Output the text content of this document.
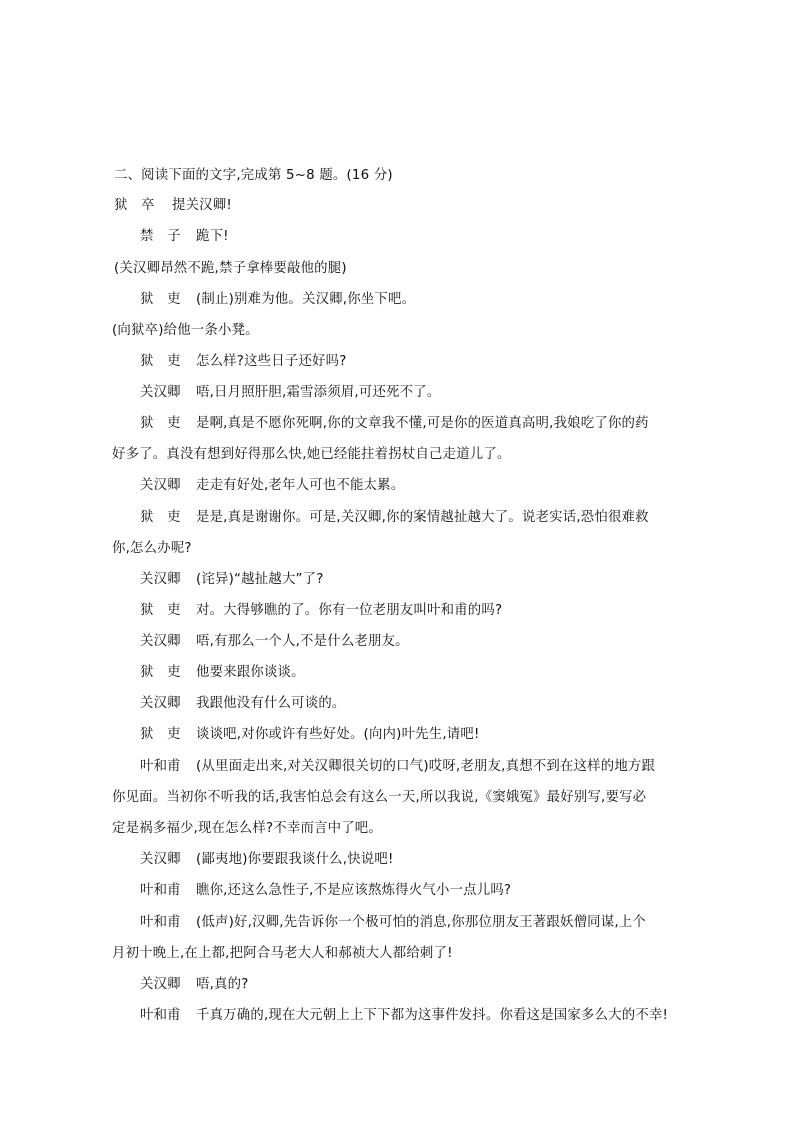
二、阅读下面的文字,完成第 5~8 题。(16 分)
狱　卒 提关汉卿!
禁　子 跪下!
(关汉卿昂然不跪,禁子拿棒要敲他的腿)
狱　吏 (制止)别难为他。关汉卿,你坐下吧。
(向狱卒)给他一条小凳。
狱　吏 怎么样?这些日子还好吗?
关汉卿 唔,日月照肝胆,霜雪添须眉,可还死不了。
狱　吏 是啊,真是不愿你死啊,你的文章我不懂,可是你的医道真高明,我娘吃了你的药
好多了。真没有想到好得那么快,她已经能拄着拐杖自己走道儿了。
关汉卿 走走有好处,老年人可也不能太累。
狱　吏 是是,真是谢谢你。可是,关汉卿,你的案情越扯越大了。说老实话,恐怕很难救
你,怎么办呢?
关汉卿 (诧异)“越扯越大”了?
狱　吏 对。大得够瞧的了。你有一位老朋友叫叶和甫的吗?
关汉卿 唔,有那么一个人,不是什么老朋友。
狱　吏 他要来跟你谈谈。
关汉卿 我跟他没有什么可谈的。
狱　吏 谈谈吧,对你或许有些好处。(向内)叶先生,请吧!
叶和甫 (从里面走出来,对关汉卿很关切的口气)哎呀,老朋友,真想不到在这样的地方跟
你见面。当初你不听我的话,我害怕总会有这么一天,所以我说,《窦娥冤》最好别写,要写必
定是祸多福少,现在怎么样?不幸而言中了吧。
关汉卿 (鄙夷地)你要跟我谈什么,快说吧!
叶和甫 瞧你,还这么急性子,不是应该熬炼得火气小一点儿吗?
叶和甫 (低声)好,汉卿,先告诉你一个极可怕的消息,你那位朋友王著跟妖僧同谋,上个
月初十晚上,在上都,把阿合马老大人和郝祯大人都给刺了!
关汉卿 唔,真的?
叶和甫 千真万确的,现在大元朝上上下下都为这事件发抖。你看这是国家多么大的不幸!
